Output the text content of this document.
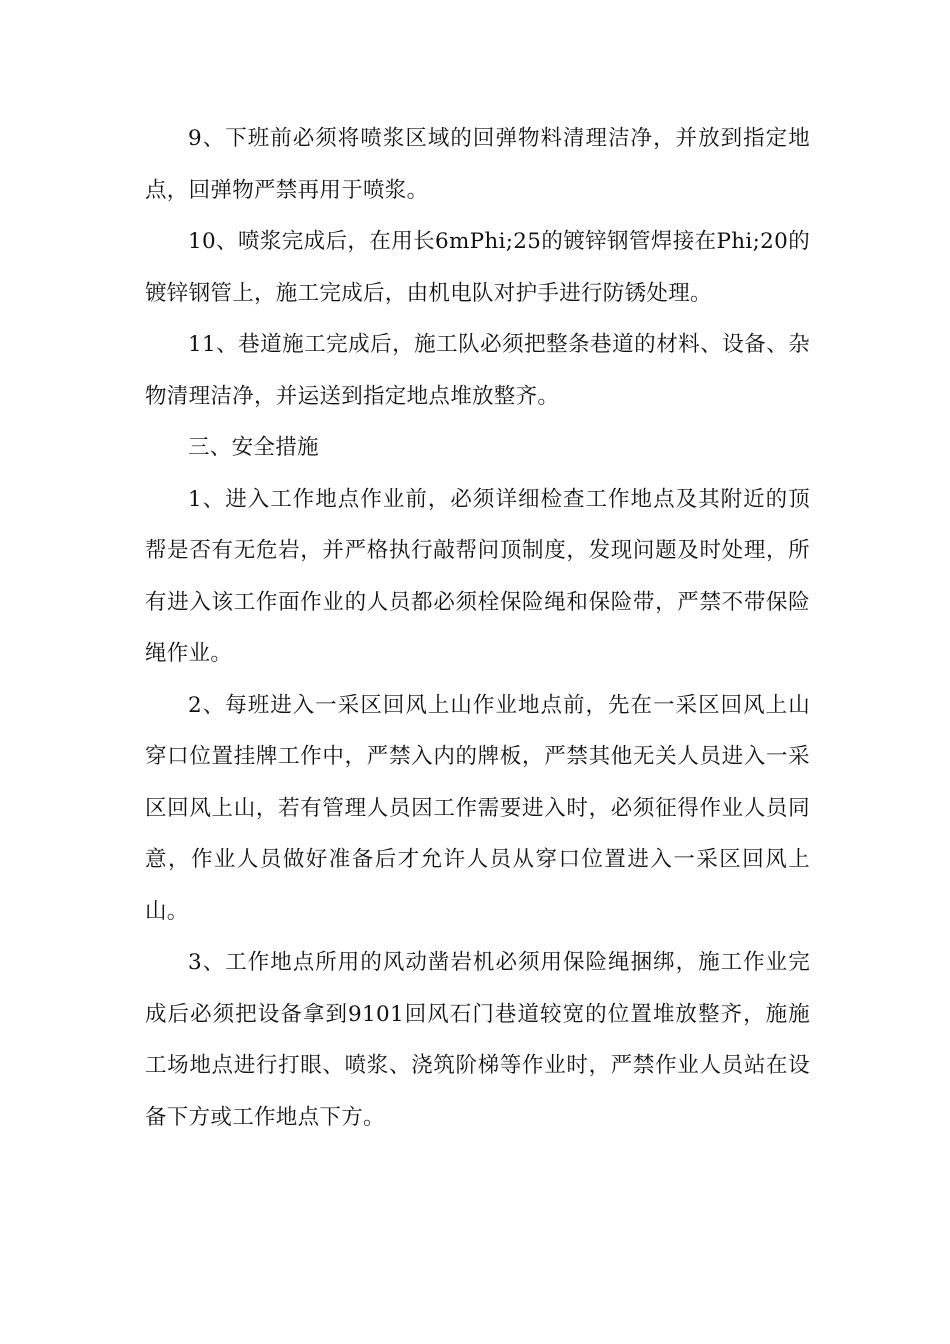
9、下班前必须将喷浆区域的回弹物料清理洁净，并放到指定地点，回弹物严禁再用于喷浆。

10、喷浆完成后，在用长6mPhi;25的镀锌钢管焊接在Phi;20的镀锌钢管上，施工完成后，由机电队对护手进行防锈处理。

11、巷道施工完成后，施工队必须把整条巷道的材料、设备、杂物清理洁净，并运送到指定地点堆放整齐。

三、安全措施

1、进入工作地点作业前，必须详细检查工作地点及其附近的顶帮是否有无危岩，并严格执行敲帮问顶制度，发现问题及时处理，所有进入该工作面作业的人员都必须栓保险绳和保险带，严禁不带保险绳作业。

2、每班进入一采区回风上山作业地点前，先在一采区回风上山穿口位置挂牌工作中，严禁入内的牌板，严禁其他无关人员进入一采区回风上山，若有管理人员因工作需要进入时，必须征得作业人员同意，作业人员做好准备后才允许人员从穿口位置进入一采区回风上山。

3、工作地点所用的风动凿岩机必须用保险绳捆绑，施工作业完成后必须把设备拿到9101回风石门巷道较宽的位置堆放整齐，施施工场地点进行打眼、喷浆、浇筑阶梯等作业时，严禁作业人员站在设备下方或工作地点下方。
